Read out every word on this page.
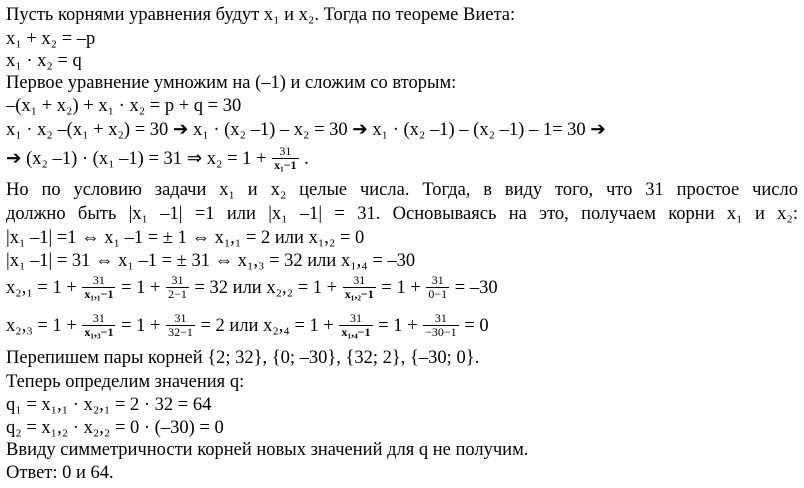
Пусть корнями уравнения будут x₁ и x₂. Тогда по теореме Виета:
x₁ + x₂ = –p
x₁ · x₂ = q
Первое уравнение умножим на (–1) и сложим со вторым:
–(x₁ + x₂) + x₁ · x₂ = p + q = 30
x₁ · x₂ –(x₁ + x₂) = 30 ➔ x₁ · (x₂ –1) – x₂ = 30 ➔ x₁ · (x₂ –1) – (x₂ –1) – 1= 30 ➔
➔ (x₂ –1) · (x₁ –1) = 31 ⇒ $x_2 = 1 + \frac{31}{\text{x₁−1}}$ .
Но по условию задачи x₁ и x₂ целые числа. Тогда, в виду того, что 31 простое число
должно быть |x₁ –1| =1 или |x₁ –1| = 31. Основываясь на это, получаем корни x₁ и x₂:
|x₁ –1| =1 ⇔ x₁ –1 = ± 1 ⇔ x₁,₁ = 2 или x₁,₂ = 0
|x₁ –1| = 31 ⇔ x₁ –1 = ± 31 ⇔ x₁,₃ = 32 или x₁,₄ = –30
$x_2,_1 = 1 + \frac{31}{\text{x₁,₁−1}} = 1 + \frac{31}{2-1} = 32$ или $x_2,_2 = 1 + \frac{31}{\text{x₁,₂−1}} = 1 + \frac{31}{0-1} = -30$
$x_2,_3 = 1 + \frac{31}{\text{x₁,₃−1}} = 1 + \frac{31}{32-1} = 2$ или $x_2,_4 = 1 + \frac{31}{\text{x₁,₄−1}} = 1 + \frac{31}{-30-1} = 0$
Перепишем пары корней {2; 32}, {0; –30}, {32; 2}, {–30; 0}.
Теперь определим значения q:
q₁ = x₁,₁ · x₂,₁ = 2 · 32 = 64
q₂ = x₁,₂ · x₂,₂ = 0 · (–30) = 0
Ввиду симметричности корней новых значений для q не получим.
Ответ: 0 и 64.
